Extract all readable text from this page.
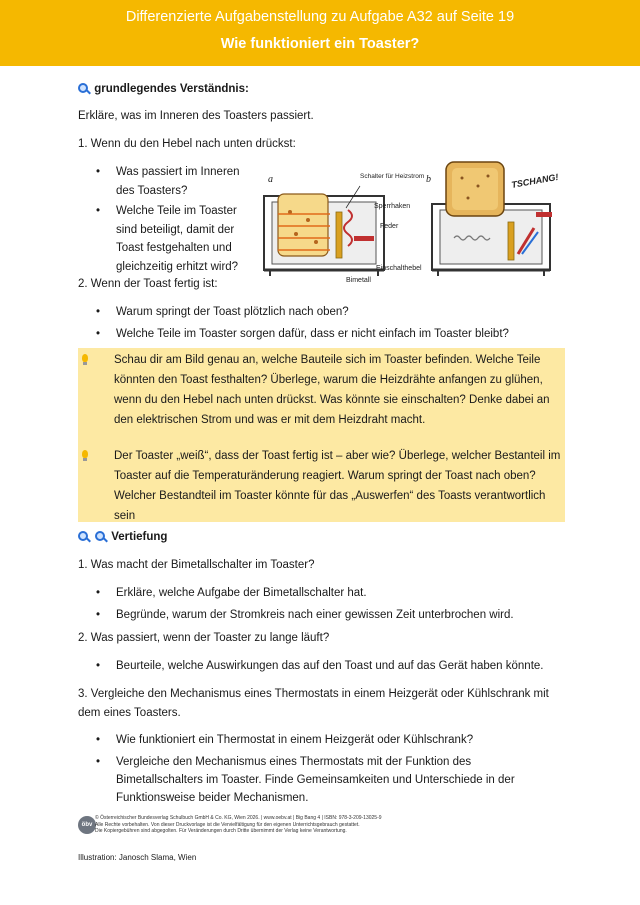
Differenzierte Aufgabenstellung zu Aufgabe A32 auf Seite 19
Wie funktioniert ein Toaster?
grundlegendes Verständnis:
Erkläre, was im Inneren des Toasters passiert.
1. Wenn du den Hebel nach unten drückst:
• Was passiert im Inneren des Toasters?
• Welche Teile im Toaster sind beteiligt, damit der Toast festgehalten und gleichzeitig erhitzt wird?
a	Schalter für Heizstrom
Sperrhaken
Feder
Einschalthebel
Bimetall
b	TSCHANG!
2. Wenn der Toast fertig ist:
• Warum springt der Toast plötzlich nach oben?
• Welche Teile im Toaster sorgen dafür, dass er nicht einfach im Toaster bleibt?
Schau dir am Bild genau an, welche Bauteile sich im Toaster befinden. Welche Teile könnten den Toast festhalten? Überlege, warum die Heizdrähte anfangen zu glühen, wenn du den Hebel nach unten drückst. Was könnte sie einschalten? Denke dabei an den elektrischen Strom und was er mit dem Heizdraht macht.
Der Toaster „weiß“, dass der Toast fertig ist – aber wie? Überlege, welcher Bestanteil im Toaster auf die Temperaturänderung reagiert. Warum springt der Toast nach oben? Welcher Bestandteil im Toaster könnte für das „Auswerfen“ des Toasts verantwortlich sein
Vertiefung
1. Was macht der Bimetallschalter im Toaster?
• Erkläre, welche Aufgabe der Bimetallschalter hat.
• Begründe, warum der Stromkreis nach einer gewissen Zeit unterbrochen wird.
2. Was passiert, wenn der Toaster zu lange läuft?
• Beurteile, welche Auswirkungen das auf den Toast und auf das Gerät haben könnte.
3. Vergleiche den Mechanismus eines Thermostats in einem Heizgerät oder Kühlschrank mit dem eines Toasters.
• Wie funktioniert ein Thermostat in einem Heizgerät oder Kühlschrank?
• Vergleiche den Mechanismus eines Thermostats mit der Funktion des Bimetallschalters im Toaster. Finde Gemeinsamkeiten und Unterschiede in der Funktionsweise beider Mechanismen.
öbv
© Österreichischer Bundesverlag Schulbuch GmbH & Co. KG, Wien 2026. | www.oebv.at | Big Bang 4 | ISBN: 978-3-209-13025-9
Alle Rechte vorbehalten. Von dieser Druckvorlage ist die Vervielfältigung für den eigenen Unterrichtsgebrauch gestattet.
Die Kopiergebühren sind abgegolten. Für Veränderungen durch Dritte übernimmt der Verlag keine Verantwortung.
Illustration: Janosch Slama, Wien
